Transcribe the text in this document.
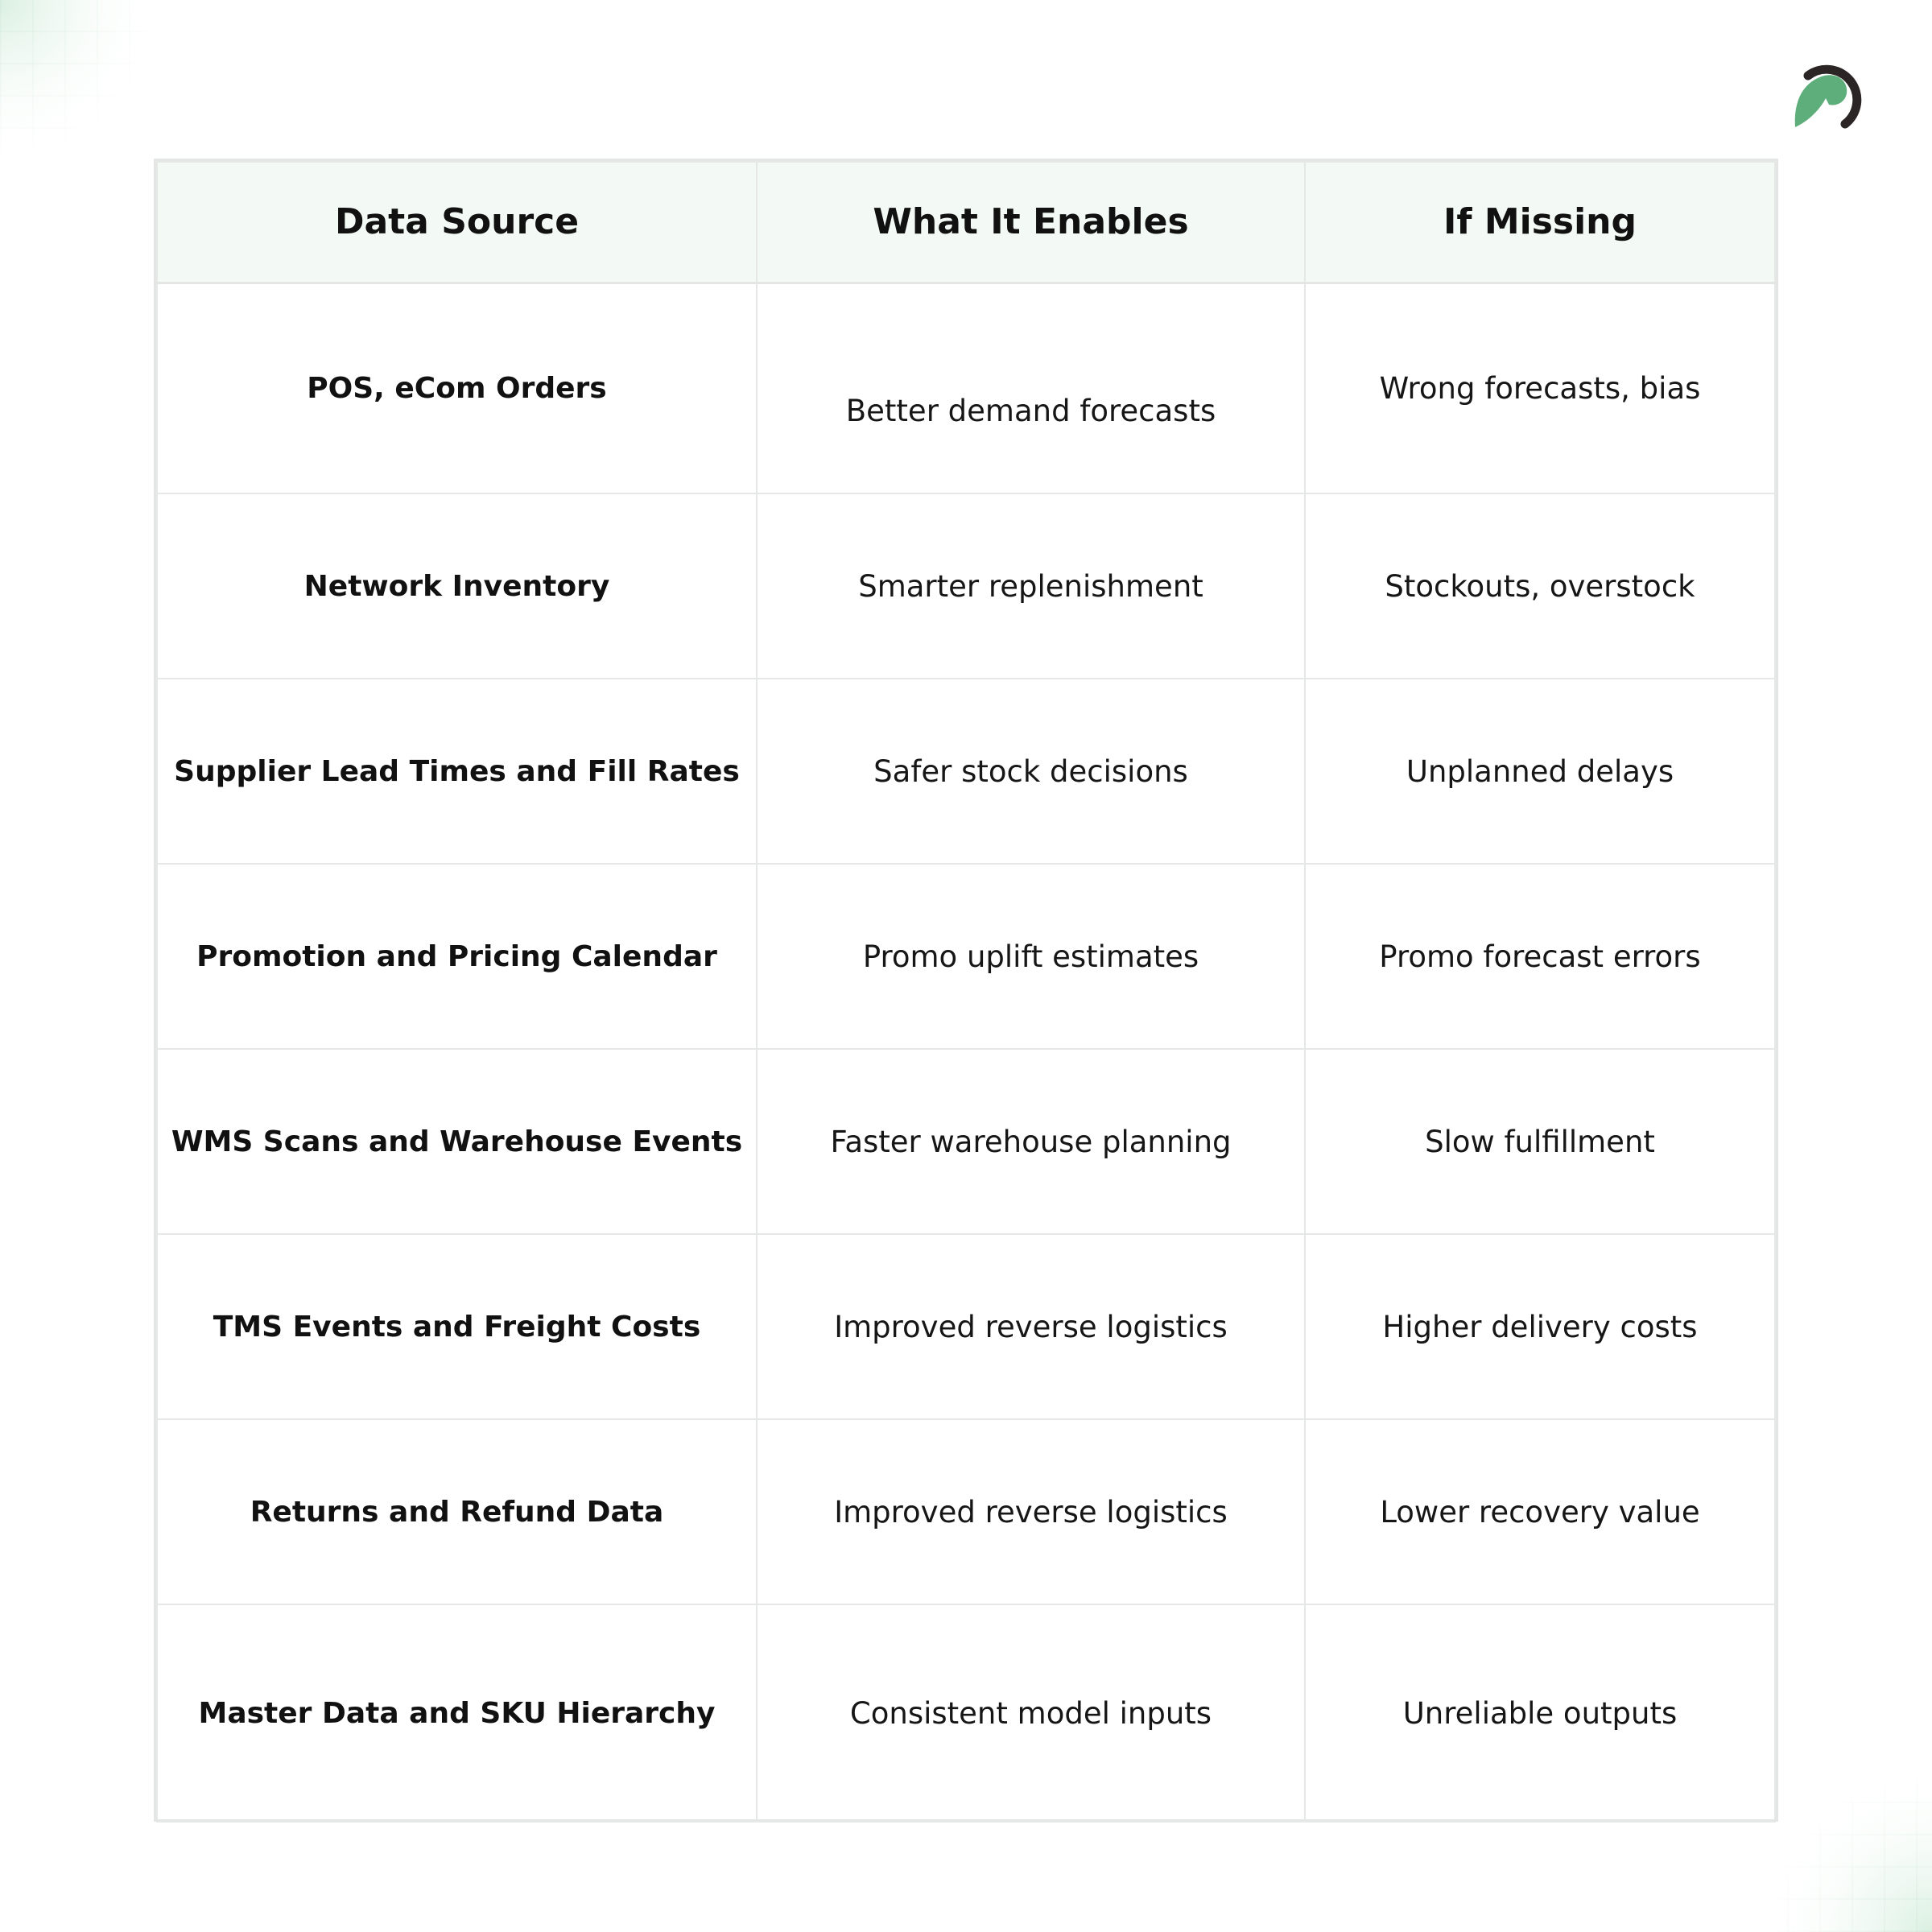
Data Source	What It Enables	If Missing
POS, eCom Orders	Better demand forecasts	Wrong forecasts, bias
Network Inventory	Smarter replenishment	Stockouts, overstock
Supplier Lead Times and Fill Rates	Safer stock decisions	Unplanned delays
Promotion and Pricing Calendar	Promo uplift estimates	Promo forecast errors
WMS Scans and Warehouse Events	Faster warehouse planning	Slow fulfillment
TMS Events and Freight Costs	Improved reverse logistics	Higher delivery costs
Returns and Refund Data	Improved reverse logistics	Lower recovery value
Master Data and SKU Hierarchy	Consistent model inputs	Unreliable outputs
